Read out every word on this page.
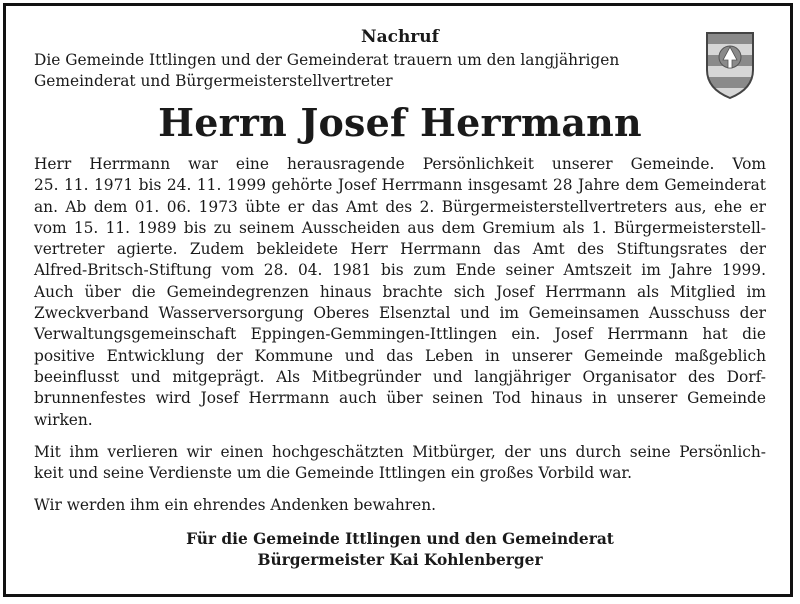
Nachruf

Die Gemeinde Ittlingen und der Gemeinderat trauern um den langjährigen
Gemeinderat und Bürgermeisterstellvertreter

Herrn Josef Herrmann

Herr Herrmann war eine herausragende Persönlichkeit unserer Gemeinde. Vom
25. 11. 1971 bis 24. 11. 1999 gehörte Josef Herrmann insgesamt 28 Jahre dem Gemeinderat
an. Ab dem 01. 06. 1973 übte er das Amt des 2. Bürgermeisterstellvertreters aus, ehe er
vom 15. 11. 1989 bis zu seinem Ausscheiden aus dem Gremium als 1. Bürgermeisterstell-
vertreter agierte. Zudem bekleidete Herr Herrmann das Amt des Stiftungsrates der
Alfred-Britsch-Stiftung vom 28. 04. 1981 bis zum Ende seiner Amtszeit im Jahre 1999.
Auch über die Gemeindegrenzen hinaus brachte sich Josef Herrmann als Mitglied im
Zweckverband Wasserversorgung Oberes Elsenztal und im Gemeinsamen Ausschuss der
Verwaltungsgemeinschaft Eppingen-Gemmingen-Ittlingen ein. Josef Herrmann hat die
positive Entwicklung der Kommune und das Leben in unserer Gemeinde maßgeblich
beeinflusst und mitgeprägt. Als Mitbegründer und langjähriger Organisator des Dorf-
brunnenfestes wird Josef Herrmann auch über seinen Tod hinaus in unserer Gemeinde
wirken.

Mit ihm verlieren wir einen hochgeschätzten Mitbürger, der uns durch seine Persönlich-
keit und seine Verdienste um die Gemeinde Ittlingen ein großes Vorbild war.

Wir werden ihm ein ehrendes Andenken bewahren.

Für die Gemeinde Ittlingen und den Gemeinderat
Bürgermeister Kai Kohlenberger
